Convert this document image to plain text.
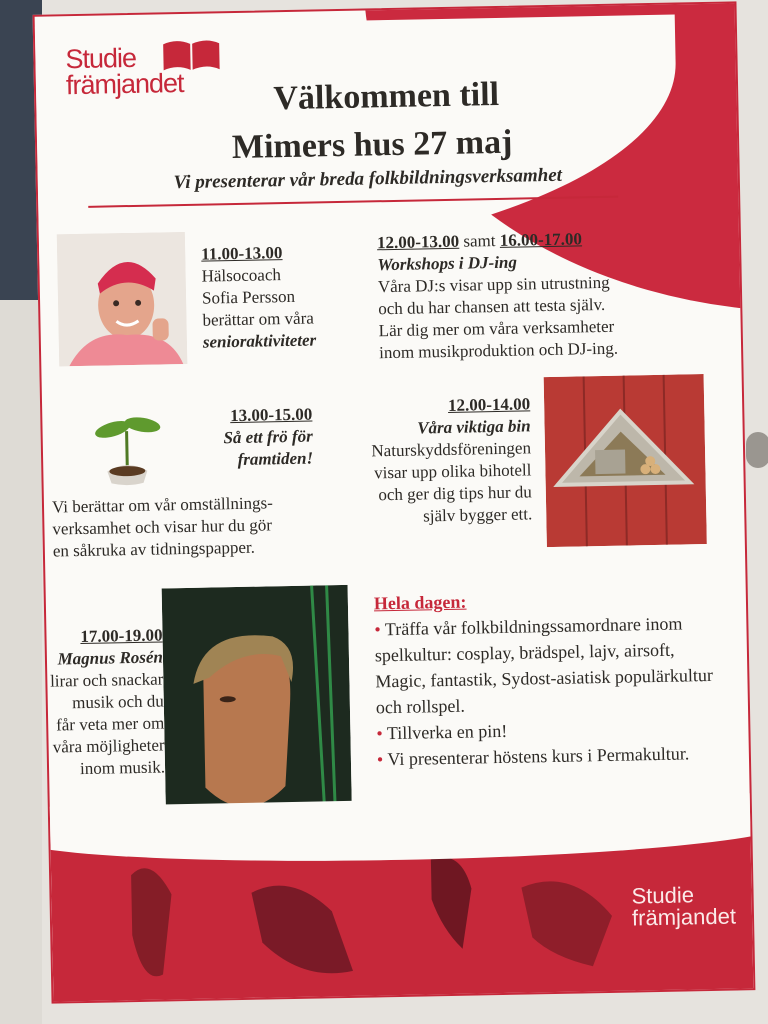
Studie
främjandet	Välkommen till
Mimers hus 27 maj
Vi presenterar vår breda folkbildningsverksamhet
11.00-13.00
Hälsocoach
Sofia Persson
berättar om våra
senioraktiviteter
12.00-13.00 samt 16.00-17.00
Workshops i DJ-ing
Våra DJ:s visar upp sin utrustning
och du har chansen att testa själv.
Lär dig mer om våra verksamheter
inom musikproduktion och DJ-ing.
13.00-15.00
Så ett frö för
framtiden!
Vi berättar om vår omställnings-
verksamhet och visar hur du gör
en såkruka av tidningspapper.
12.00-14.00
Våra viktiga bin
Naturskyddsföreningen
visar upp olika bihotell
och ger dig tips hur du
själv bygger ett.
17.00-19.00
Magnus Rosén
lirar och snackar
musik och du
får veta mer om
våra möjligheter
inom musik.
Hela dagen:
• Träffa vår folkbildningssamordnare inom spelkultur: cosplay, brädspel, lajv, airsoft, Magic, fantastik, Sydost-asiatisk populärkultur och rollspel.
• Tillverka en pin!
• Vi presenterar höstens kurs i Permakultur.
Studie
främjandet
